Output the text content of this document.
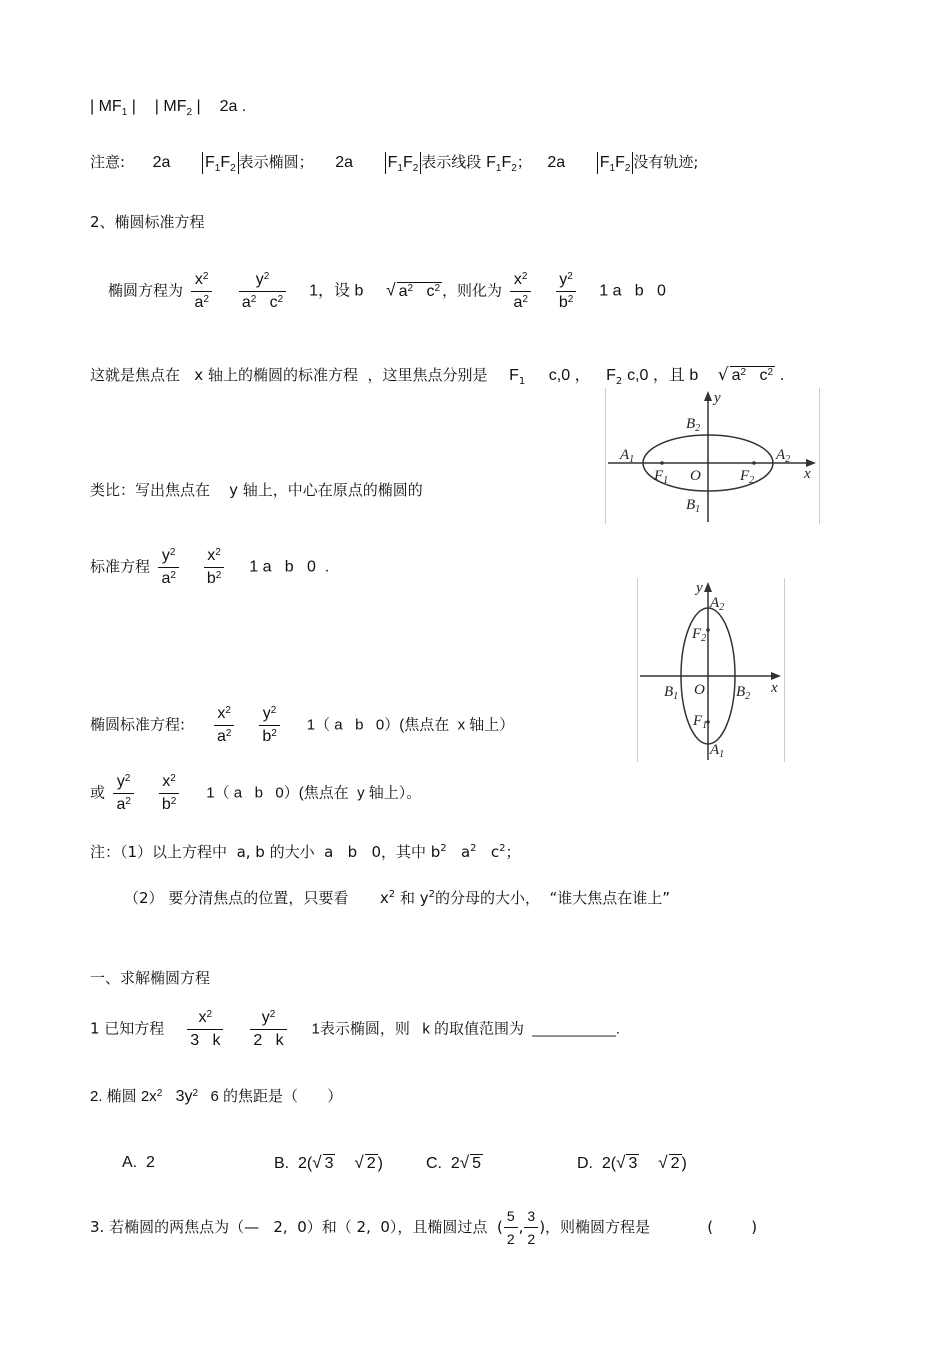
| $MF_1$ | | $MF_2$ | 2a .
注意: 2a $F_1F_2$ 表示椭圆； 2a $F_1F_2$ 表示线段 $F_1F_2$； 2a $F_1F_2$ 没有轨迹;
2、椭圆标准方程
椭圆方程为 $\frac{x^2}{a^2}$
$\frac{y^2}{a^2 c^2} 1$，设 b √ $a^2$ $c^2$ ，则化为 $\frac{x^2}{a^2}$
$\frac{y^2}{b^2} 1$ a   b   0
这就是焦点在   x 轴上的椭圆的标准方程  ，这里焦点分别是 $F_1$ c,0 ， $F_2$ c,0 ，且 b √ $a^2$ $c^2$ .
y
x
$B_2$
$B_1$
$A_1$	$A_2$
$F_1$	$F_2$
O
类比：写出焦点在    y 轴上，中心在原点的椭圆的
标准方程 $\frac{y^2}{a^2}$
$\frac{x^2}{b^2} 1$ a   b   0  .
y
x
$A_2$
$A_1$
$F_2$
$F_1$
$B_1$	$B_2$
O
椭圆标准方程: $\frac{x^2}{a^2}$
$\frac{y^2}{b^2} 1$（ a   b   0）(焦点在  x 轴上）
或 $\frac{y^2}{a^2}$
$\frac{x^2}{b^2} 1$（ a   b   0）(焦点在  y 轴上）。
注：（1）以上方程中  a, b 的大小  a   b   0，其中 $b^2$   $a^2$   $c^2$；
（2） 要分清焦点的位置，只要看 $x^2$ 和 $y^2$的分母的大小，  “谁大焦点在谁上”
一、求解椭圆方程
1 已知方程 $\frac{x^2}{3 k}$
$\frac{y^2}{2 k} 1$表示椭圆，则   k 的取值范围为  __________.
2. 椭圆 $2x^2$   $3y^2$   6 的焦距是（       ）
A.  2	B.  2(√ 3 √ 2 )	C.  2√ 5	D.  2(√ 3 √ 2 )
3. 若椭圆的两焦点为（—   2,  0）和（ 2,  0），且椭圆过点  ( $\frac{5}{2}$ , $\frac{3}{2}$ )，则椭圆方程是            (        )
